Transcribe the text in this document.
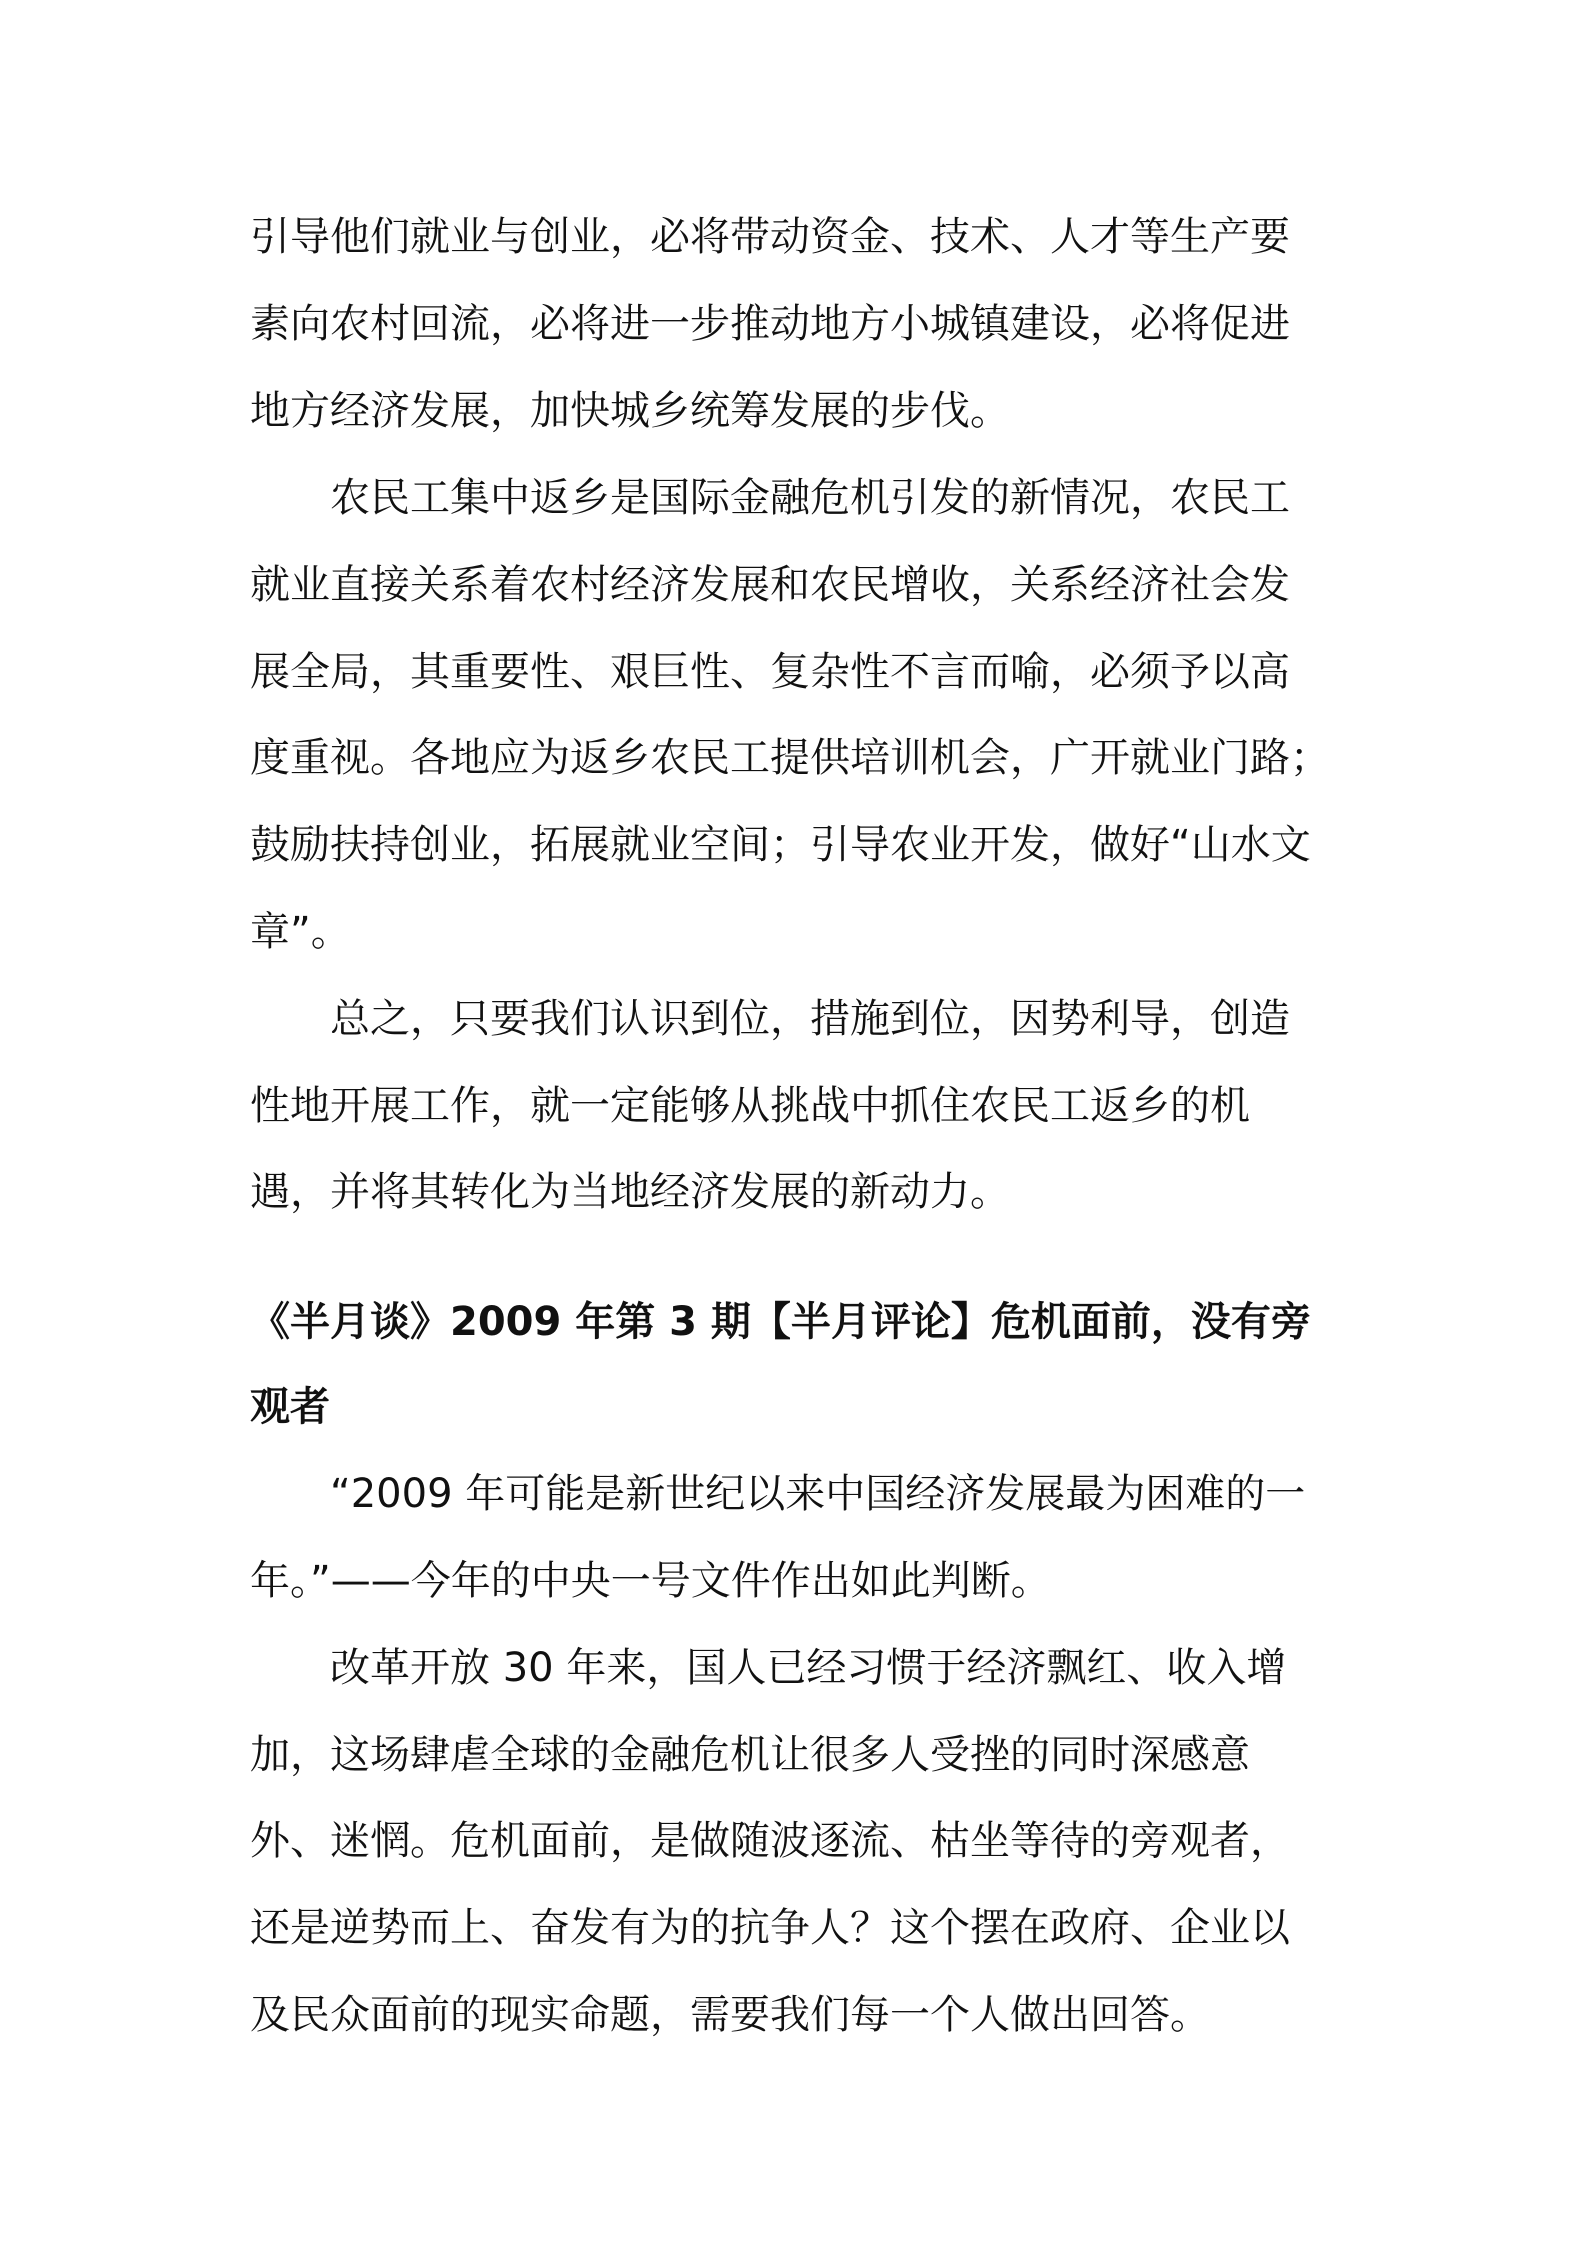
引导他们就业与创业，必将带动资金、技术、人才等生产要
素向农村回流，必将进一步推动地方小城镇建设，必将促进
地方经济发展，加快城乡统筹发展的步伐。
农民工集中返乡是国际金融危机引发的新情况，农民工
就业直接关系着农村经济发展和农民增收，关系经济社会发
展全局，其重要性、艰巨性、复杂性不言而喻，必须予以高
度重视。各地应为返乡农民工提供培训机会，广开就业门路；
鼓励扶持创业，拓展就业空间；引导农业开发，做好“山水文
章”。
总之，只要我们认识到位，措施到位，因势利导，创造
性地开展工作，就一定能够从挑战中抓住农民工返乡的机
遇，并将其转化为当地经济发展的新动力。
《半月谈》2009 年第 3 期【半月评论】危机面前，没有旁
观者
“2009 年可能是新世纪以来中国经济发展最为困难的一
年。”——今年的中央一号文件作出如此判断。
改革开放 30 年来，国人已经习惯于经济飘红、收入增
加，这场肆虐全球的金融危机让很多人受挫的同时深感意
外、迷惘。危机面前，是做随波逐流、枯坐等待的旁观者，
还是逆势而上、奋发有为的抗争人？这个摆在政府、企业以
及民众面前的现实命题，需要我们每一个人做出回答。
